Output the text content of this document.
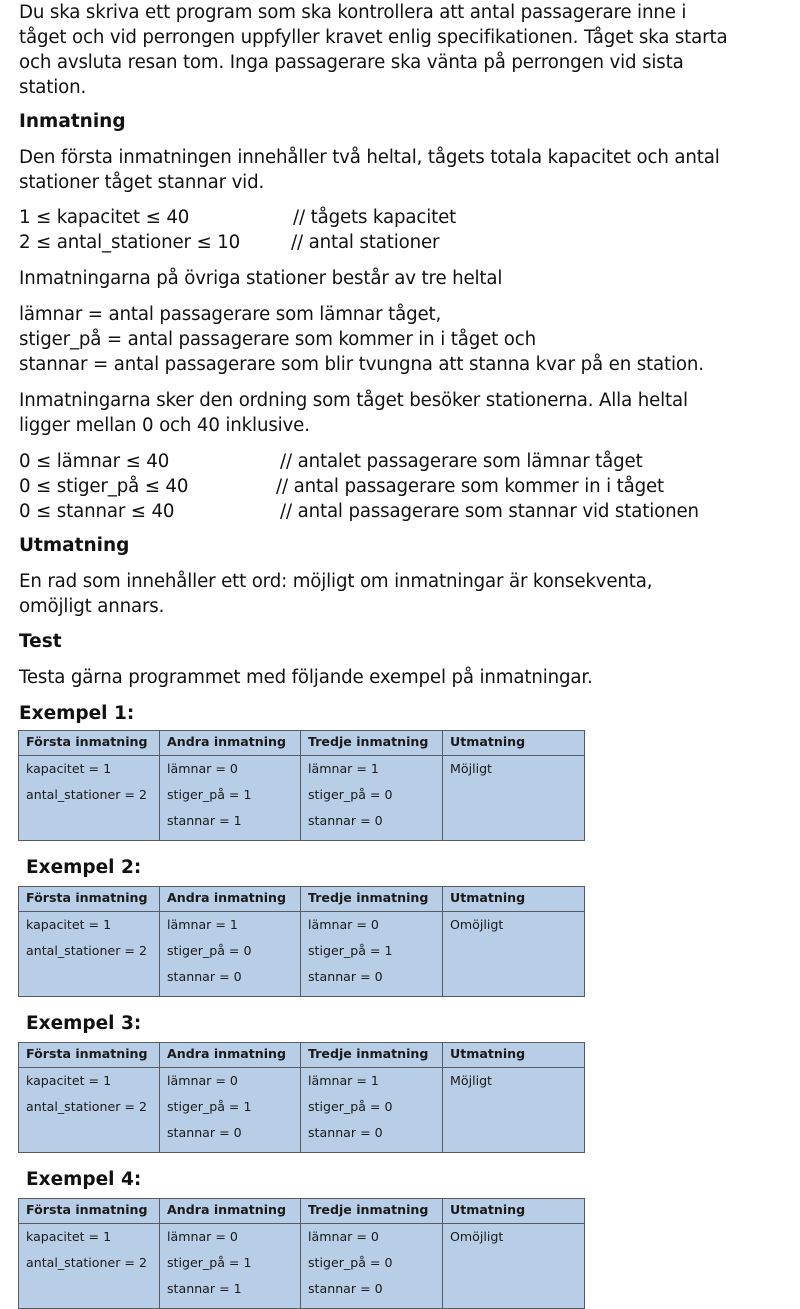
Du ska skriva ett program som ska kontrollera att antal passagerare inne i

tåget och vid perrongen uppfyller kravet enlig specifikationen. Tåget ska starta

och avsluta resan tom. Inga passagerare ska vänta på perrongen vid sista

station.

Inmatning

Den första inmatningen innehåller två heltal, tågets totala kapacitet och antal

stationer tåget stannar vid.

1 ≤ kapacitet ≤ 40	// tågets kapacitet
2 ≤ antal_stationer ≤ 10	// antal stationer

Inmatningarna på övriga stationer består av tre heltal

lämnar = antal passagerare som lämnar tåget,

stiger_på = antal passagerare som kommer in i tåget och

stannar = antal passagerare som blir tvungna att stanna kvar på en station.

Inmatningarna sker den ordning som tåget besöker stationerna. Alla heltal

ligger mellan 0 och 40 inklusive.

0 ≤ lämnar ≤ 40	// antalet passagerare som lämnar tåget
0 ≤ stiger_på ≤ 40	// antal passagerare som kommer in i tåget
0 ≤ stannar ≤ 40	// antal passagerare som stannar vid stationen
Utmatning

En rad som innehåller ett ord: möjligt om inmatningar är konsekventa,

omöjligt annars.

Test

Testa gärna programmet med följande exempel på inmatningar.

Exempel 1:
Första inmatning	Andra inmatning	Tredje inmatning	Utmatning

kapacitet = 1
antal_stationer = 2

lämnar = 0
stiger_på = 1
stannar = 1

lämnar = 1
stiger_på = 0
stannar = 0

Möjligt
Exempel 2:
Första inmatning	Andra inmatning	Tredje inmatning	Utmatning

kapacitet = 1
antal_stationer = 2

lämnar = 1
stiger_på = 0
stannar = 0

lämnar = 0
stiger_på = 1
stannar = 0

Omöjligt
Exempel 3:
Första inmatning	Andra inmatning	Tredje inmatning	Utmatning

kapacitet = 1
antal_stationer = 2

lämnar = 0
stiger_på = 1
stannar = 0

lämnar = 1
stiger_på = 0
stannar = 0

Möjligt
Exempel 4:
Första inmatning	Andra inmatning	Tredje inmatning	Utmatning

kapacitet = 1
antal_stationer = 2

lämnar = 0
stiger_på = 1
stannar = 1

lämnar = 0
stiger_på = 0
stannar = 0

Omöjligt
